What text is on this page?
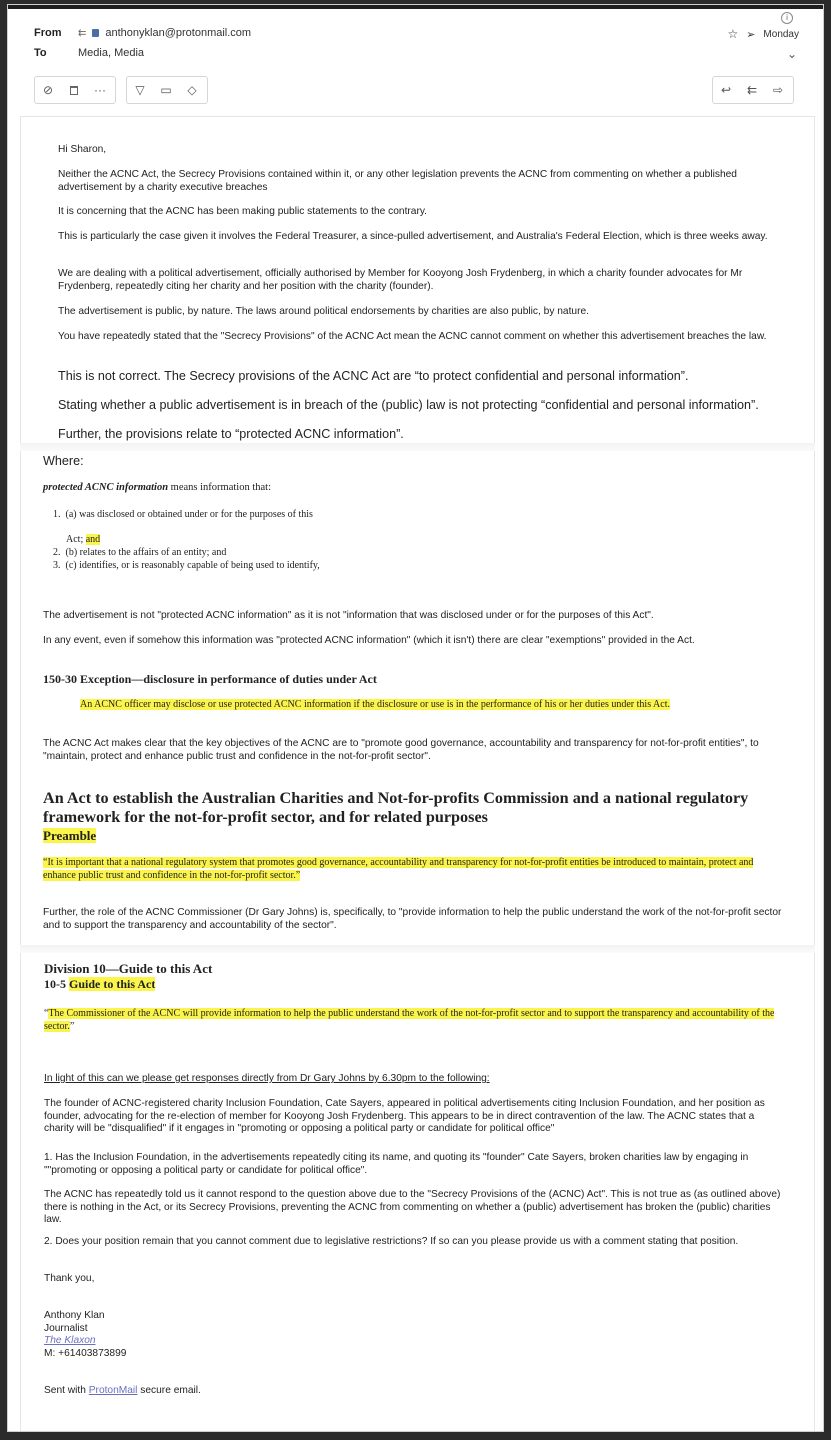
i
From ⇇ anthonyklan@protonmail.com	☆ ➢ Monday
To	Media, Media	⌄
⊘	···	▽	▭	◇	↩	⇇	⇨
Hi Sharon,
Neither the ACNC Act, the Secrecy Provisions contained within it, or any other legislation prevents the ACNC from commenting on whether a published advertisement by a charity executive breaches
It is concerning that the ACNC has been making public statements to the contrary.
This is particularly the case given it involves the Federal Treasurer, a since-pulled advertisement, and Australia's Federal Election, which is three weeks away.
We are dealing with a political advertisement, officially authorised by Member for Kooyong Josh Frydenberg, in which a charity founder advocates for Mr Frydenberg, repeatedly citing her charity and her position with the charity (founder).
The advertisement is public, by nature. The laws around political endorsements by charities are also public, by nature.
You have repeatedly stated that the "Secrecy Provisions" of the ACNC Act mean the ACNC cannot comment on whether this advertisement breaches the law.
This is not correct. The Secrecy provisions of the ACNC Act are “to protect confidential and personal information”.
Stating whether a public advertisement is in breach of the (public) law is not protecting “confidential and personal information”.
Further, the provisions relate to “protected ACNC information”.
Where:
protected ACNC information means information that:
1. (a) was disclosed or obtained under or for the purposes of this
Act; and
2. (b) relates to the affairs of an entity; and
3. (c) identifies, or is reasonably capable of being used to identify,
The advertisement is not "protected ACNC information" as it is not "information that was disclosed under or for the purposes of this Act".
In any event, even if somehow this information was "protected ACNC information" (which it isn't) there are clear "exemptions" provided in the Act.
150-30 Exception—disclosure in performance of duties under Act
An ACNC officer may disclose or use protected ACNC information if the disclosure or use is in the performance of his or her duties under this Act.
The ACNC Act makes clear that the key objectives of the ACNC are to "promote good governance, accountability and transparency for not-for-profit entities", to "maintain, protect and enhance public trust and confidence in the not-for-profit sector".
An Act to establish the Australian Charities and Not-for-profits Commission and a national regulatory framework for the not-for-profit sector, and for related purposes
Preamble
“It is important that a national regulatory system that promotes good governance, accountability and transparency for not-for-profit entities be introduced to maintain, protect and enhance public trust and confidence in the not-for-profit sector.”
Further, the role of the ACNC Commissioner (Dr Gary Johns) is, specifically, to "provide information to help the public understand the work of the not-for-profit sector and to support the transparency and accountability of the sector".
Division 10—Guide to this Act
10-5 Guide to this Act
“The Commissioner of the ACNC will provide information to help the public understand the work of the not-for-profit sector and to support the transparency and accountability of the sector.”
In light of this can we please get responses directly from Dr Gary Johns by 6.30pm to the following:
The founder of ACNC-registered charity Inclusion Foundation, Cate Sayers, appeared in political advertisements citing Inclusion Foundation, and her position as founder, advocating for the re-election of member for Kooyong Josh Frydenberg. This appears to be in direct contravention of the law. The ACNC states that a charity will be "disqualified" if it engages in "promoting or opposing a political party or candidate for political office"
1. Has the Inclusion Foundation, in the advertisements repeatedly citing its name, and quoting its "founder" Cate Sayers, broken charities law by engaging in ""promoting or opposing a political party or candidate for political office".
The ACNC has repeatedly told us it cannot respond to the question above due to the "Secrecy Provisions of the (ACNC) Act". This is not true as (as outlined above) there is nothing in the Act, or its Secrecy Provisions, preventing the ACNC from commenting on whether a (public) advertisement has broken the (public) charities law.
2. Does your position remain that you cannot comment due to legislative restrictions? If so can you please provide us with a comment stating that position.
Thank you,
Anthony Klan
Journalist
The Klaxon
M: +61403873899
Sent with ProtonMail secure email.
